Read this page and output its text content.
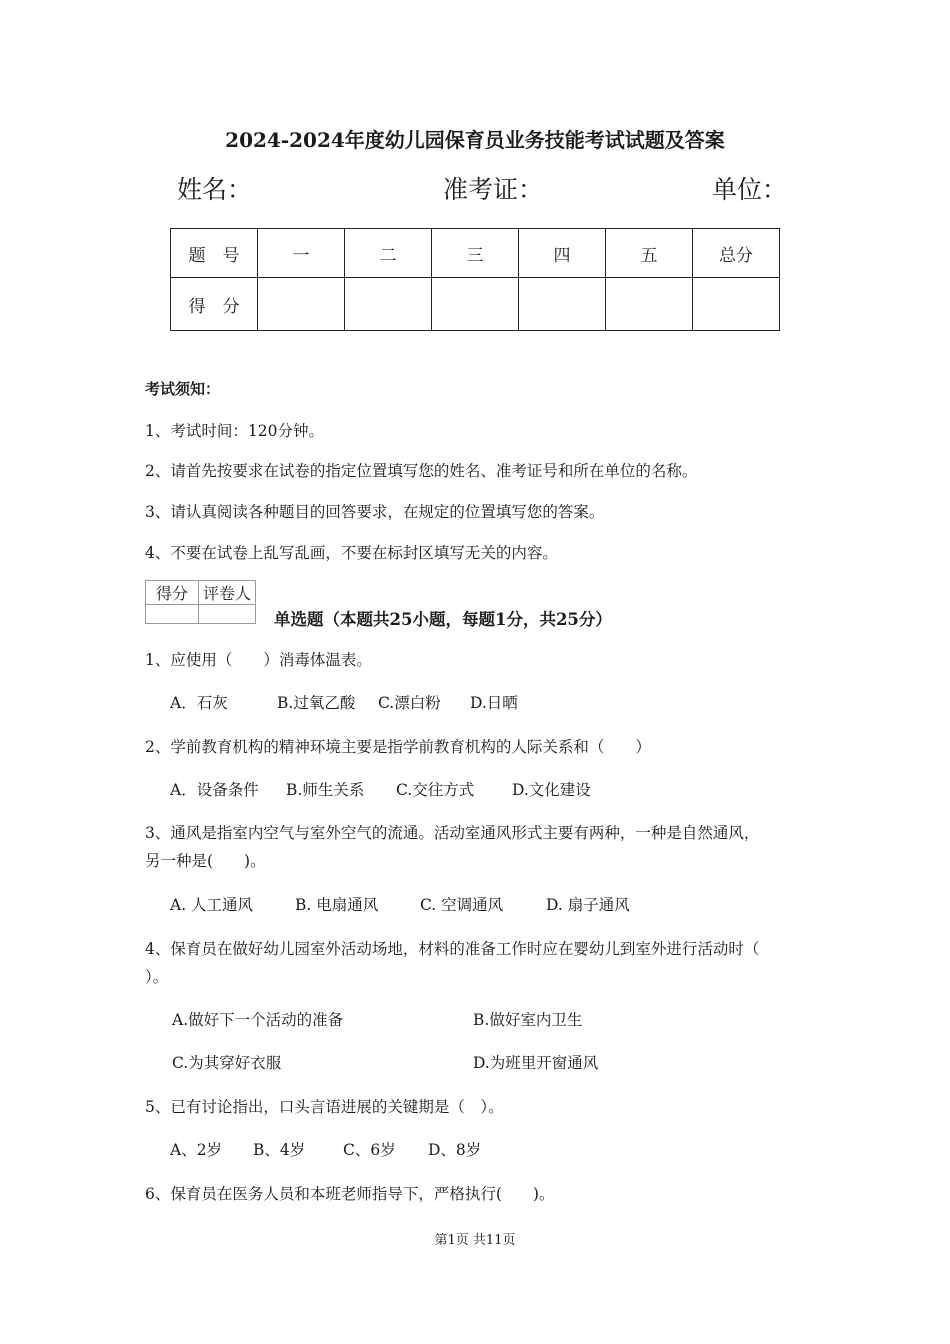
2024-2024年度幼儿园保育员业务技能考试试题及答案
姓名：	准考证：	单位：
题　号	一	二	三	四	五	总分
得　分						
考试须知：
1、考试时间：120分钟。
2、请首先按要求在试卷的指定位置填写您的姓名、准考证号和所在单位的名称。
3、请认真阅读各种题目的回答要求，在规定的位置填写您的答案。
4、不要在试卷上乱写乱画，不要在标封区填写无关的内容。
得分	评卷人

单选题（本题共25小题，每题1分，共25分）
1、应使用（　　）消毒体温表。
A．石灰	B.过氧乙酸 C.漂白粉 D.日晒
2、学前教育机构的精神环境主要是指学前教育机构的人际关系和（　　）
A．设备条件 B.师生关系 C.交往方式 D.文化建设
3、通风是指室内空气与室外空气的流通。活动室通风形式主要有两种，一种是自然通风，
另一种是(　　)。
A. 人工通风	B. 电扇通风	C. 空调通风	D. 扇子通风
4、保育员在做好幼儿园室外活动场地，材料的准备工作时应在婴幼儿到室外进行活动时（
）。
A.做好下一个活动的准备	B.做好室内卫生
C.为其穿好衣服	D.为班里开窗通风
5、已有讨论指出，口头言语进展的关键期是（　）。
A、2岁 B、4岁 C、6岁 D、8岁
6、保育员在医务人员和本班老师指导下，严格执行(　　)。
第1页 共11页
